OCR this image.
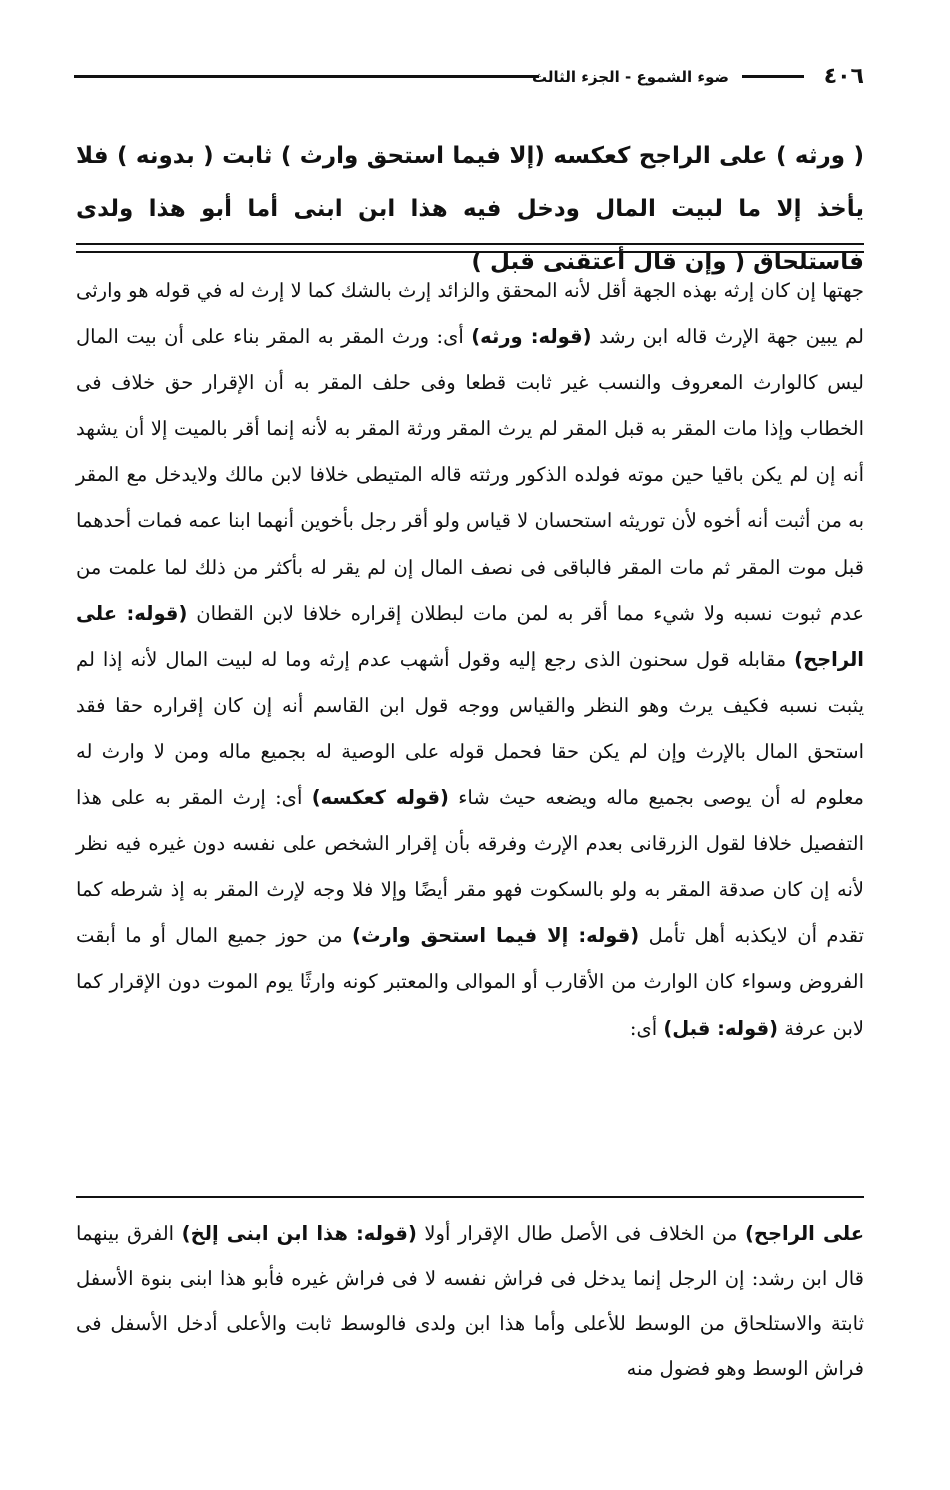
٤٠٦
ضوء الشموع - الجزء الثالث

( ورثه ) على الراجح كعكسه (إلا فيما استحق وارث ) ثابت ( بدونه ) فلا يأخذ إلا ما لبيت المال ودخل فيه هذا ابن ابنى أما أبو هذا ولدى فاستلحاق ( وإن قال أعتقنى قبل )

جهتها إن كان إرثه بهذه الجهة أقل لأنه المحقق والزائد إرث بالشك كما لا إرث له في قوله هو وارثى لم يبين جهة الإرث قاله ابن رشد (قوله: ورثه) أى: ورث المقر به المقر بناء على أن بيت المال ليس كالوارث المعروف والنسب غير ثابت قطعا وفى حلف المقر به أن الإقرار حق خلاف فى الخطاب وإذا مات المقر به قبل المقر لم يرث المقر ورثة المقر به لأنه إنما أقر بالميت إلا أن يشهد أنه إن لم يكن باقيا حين موته فولده الذكور ورثته قاله المتيطى خلافا لابن مالك ولايدخل مع المقر به من أثبت أنه أخوه لأن توريثه استحسان لا قياس ولو أقر رجل بأخوين أنهما ابنا عمه فمات أحدهما قبل موت المقر ثم مات المقر فالباقى فى نصف المال إن لم يقر له بأكثر من ذلك لما علمت من عدم ثبوت نسبه ولا شيء مما أقر به لمن مات لبطلان إقراره خلافا لابن القطان (قوله: على الراجح) مقابله قول سحنون الذى رجع إليه وقول أشهب عدم إرثه وما له لبيت المال لأنه إذا لم يثبت نسبه فكيف يرث وهو النظر والقياس ووجه قول ابن القاسم أنه إن كان إقراره حقا فقد استحق المال بالإرث وإن لم يكن حقا فحمل قوله على الوصية له بجميع ماله ومن لا وارث له معلوم له أن يوصى بجميع ماله ويضعه حيث شاء (قوله كعكسه) أى: إرث المقر به على هذا التفصيل خلافا لقول الزرقانى بعدم الإرث وفرقه بأن إقرار الشخص على نفسه دون غيره فيه نظر لأنه إن كان صدقة المقر به ولو بالسكوت فهو مقر أيضًا وإلا فلا وجه لإرث المقر به إذ شرطه كما تقدم أن لايكذبه أهل تأمل (قوله: إلا فيما استحق وارث) من حوز جميع المال أو ما أبقت الفروض وسواء كان الوارث من الأقارب أو الموالى والمعتبر كونه وارثًا يوم الموت دون الإقرار كما لابن عرفة (قوله: قبل) أى:

على الراجح) من الخلاف فى الأصل طال الإقرار أولا (قوله: هذا ابن ابنى إلخ) الفرق بينهما قال ابن رشد: إن الرجل إنما يدخل فى فراش نفسه لا فى فراش غيره فأبو هذا ابنى بنوة الأسفل ثابتة والاستلحاق من الوسط للأعلى وأما هذا ابن ولدى فالوسط ثابت والأعلى أدخل الأسفل فى فراش الوسط وهو فضول منه
